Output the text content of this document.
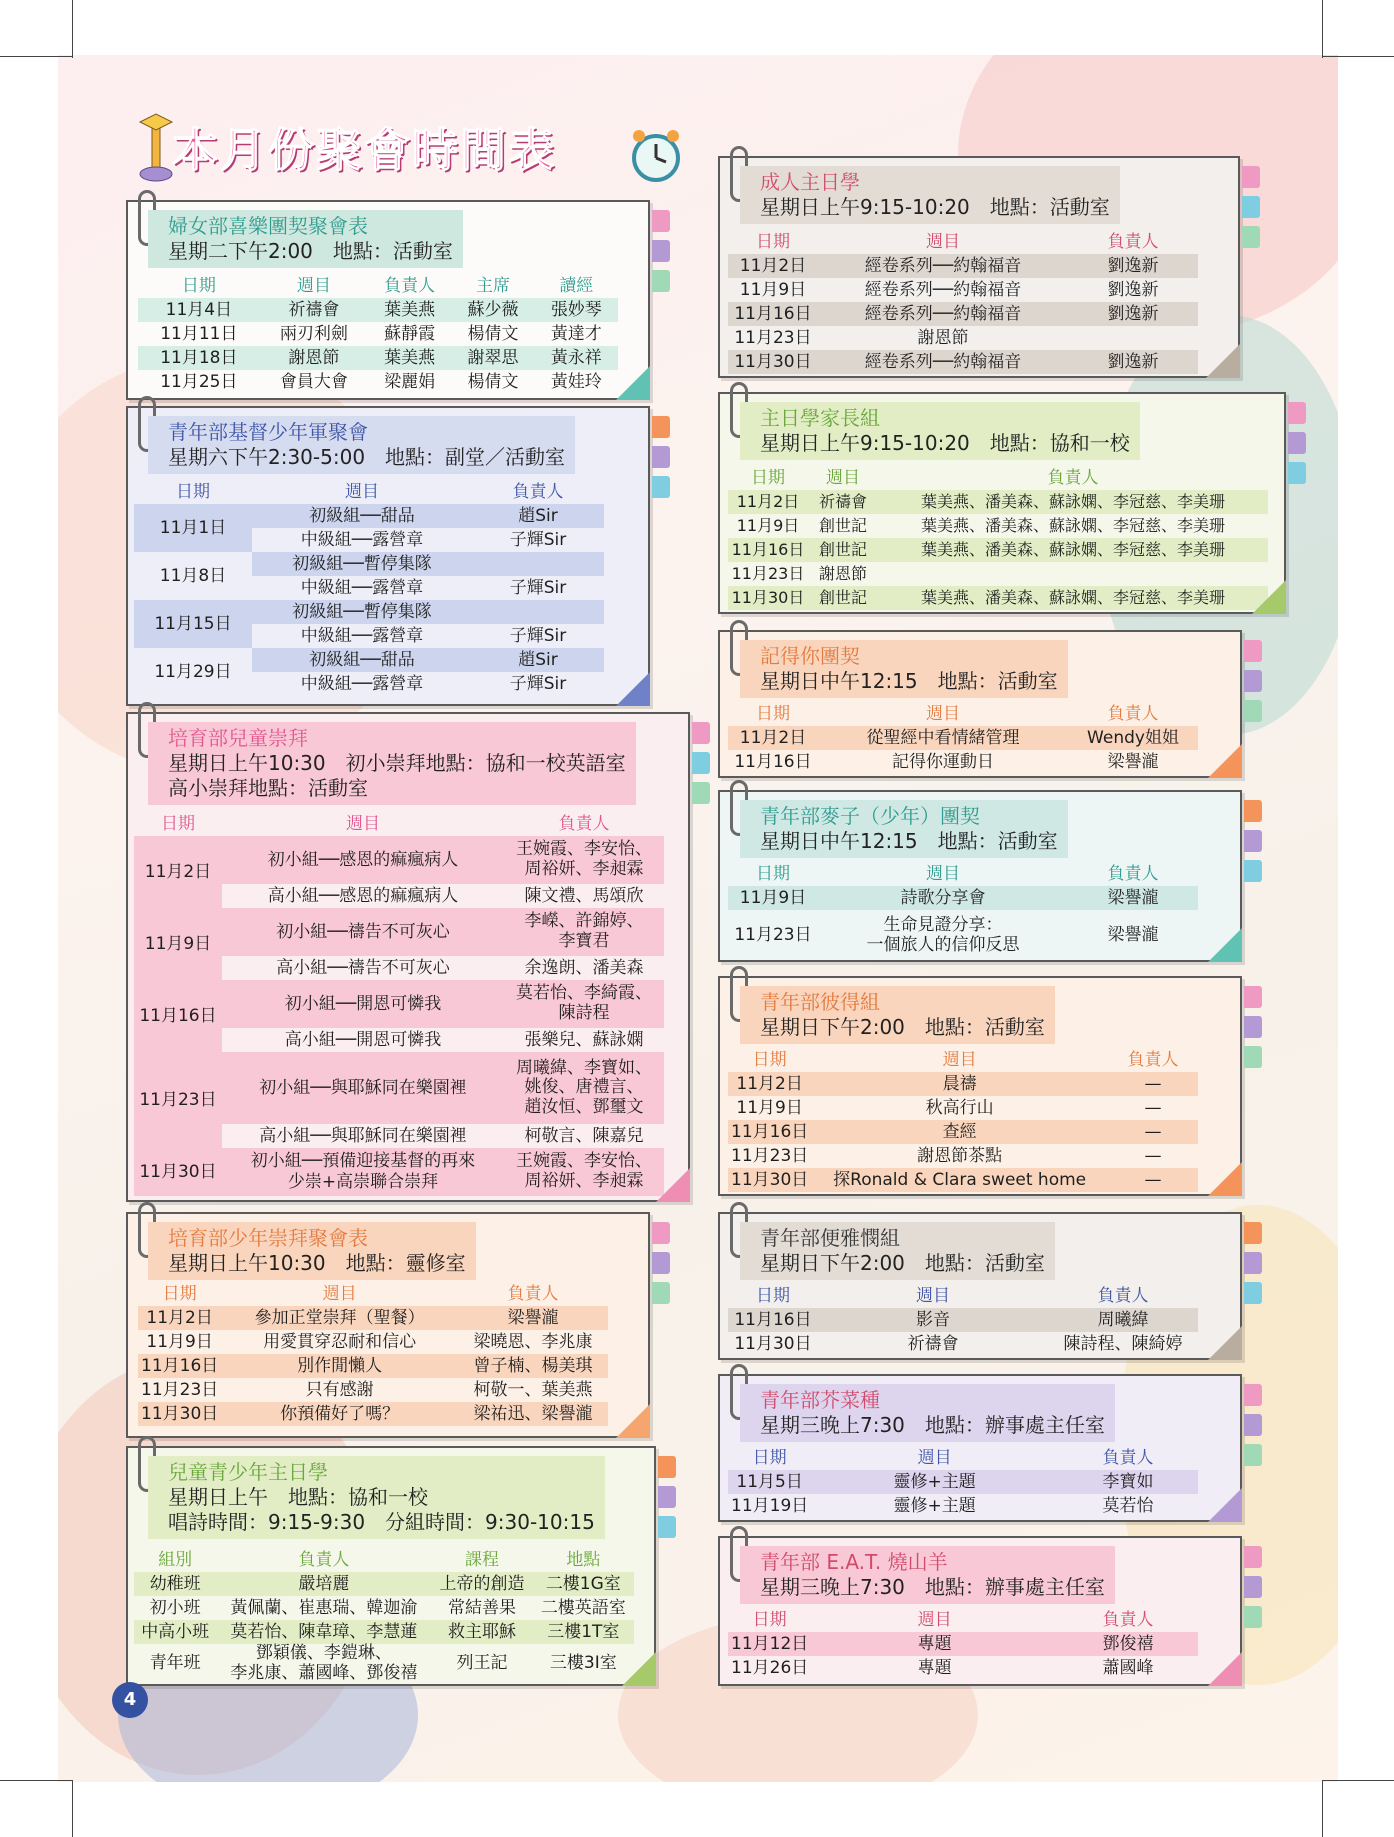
本月份聚會時間表
婦女部喜樂團契聚會表
星期二下午2:00　地點：活動室
日期	週目	負責人	主席	讀經
11月4日	祈禱會	葉美燕	蘇少薇	張妙琴
11月11日	兩刃利劍	蘇靜霞	楊倩文	黃達才
11月18日	謝恩節	葉美燕	謝翠思	黃永祥
11月25日	會員大會	梁麗娟	楊倩文	黃娃玲
青年部基督少年軍聚會
星期六下午2:30-5:00　地點：副堂／活動室
日期	週目	負責人
11月1日	初級組──甜品	趙Sir
	中級組──露營章	子輝Sir
11月8日	初級組──暫停集隊	
	中級組──露營章	子輝Sir
11月15日	初級組──暫停集隊	
	中級組──露營章	子輝Sir
11月29日	初級組──甜品	趙Sir
	中級組──露營章	子輝Sir
培育部兒童崇拜
星期日上午10:30　初小崇拜地點：協和一校英語室
高小崇拜地點：活動室
日期	週目	負責人
11月2日	初小組──感恩的痲瘋病人	王婉霞、李安怡、
周裕妍、李昶霖
	高小組──感恩的痲瘋病人	陳文禮、馬頌欣
11月9日	初小組──禱告不可灰心	李嶸、許錦婷、
李寶君
	高小組──禱告不可灰心	余逸朗、潘美森
11月16日	初小組──開恩可憐我	莫若怡、李綺霞、
陳詩程
	高小組──開恩可憐我	張樂兒、蘇詠嫻
11月23日	初小組──與耶穌同在樂園裡	周曦緯、李寶如、
姚俊、唐禮言、
趙汝恒、鄧璽文
	高小組──與耶穌同在樂園裡	柯敬言、陳嘉兒
11月30日	初小組──預備迎接基督的再來
少崇+高崇聯合崇拜	王婉霞、李安怡、
周裕妍、李昶霖
培育部少年崇拜聚會表
星期日上午10:30　地點：靈修室
日期	週目	負責人
11月2日	參加正堂崇拜（聖餐）	梁譽瀧
11月9日	用愛貫穿忍耐和信心	梁曉恩、李兆康
11月16日	別作閒懶人	曾子楠、楊美琪
11月23日	只有感謝	柯敬一、葉美燕
11月30日	你預備好了嗎？	梁祐迅、梁譽瀧
兒童青少年主日學
星期日上午　地點：協和一校
唱詩時間：9:15-9:30　分組時間：9:30-10:15
組別	負責人	課程	地點
幼稚班	嚴培麗	上帝的創造	二樓1G室
初小班	黃佩蘭、崔惠瑞、韓迦渝	常結善果	二樓英語室
中高小班	莫若怡、陳韋璋、李慧蓮	救主耶穌	三樓1T室
青年班	鄧穎儀、李鎧琳、
李兆康、蕭國峰、鄧俊禧	列王記	三樓3I室
4
成人主日學
星期日上午9:15-10:20　地點：活動室
日期	週目	負責人
11月2日	經卷系列──約翰福音	劉逸新
11月9日	經卷系列──約翰福音	劉逸新
11月16日	經卷系列──約翰福音	劉逸新
11月23日	謝恩節	
11月30日	經卷系列──約翰福音	劉逸新
主日學家長組
星期日上午9:15-10:20　地點：協和一校
日期	週目	負責人
11月2日	祈禱會	葉美燕、潘美森、蘇詠嫻、李冠慈、李美珊
11月9日	創世記	葉美燕、潘美森、蘇詠嫻、李冠慈、李美珊
11月16日	創世記	葉美燕、潘美森、蘇詠嫻、李冠慈、李美珊
11月23日	謝恩節	
11月30日	創世記	葉美燕、潘美森、蘇詠嫻、李冠慈、李美珊
記得你團契
星期日中午12:15　地點：活動室
日期	週目	負責人
11月2日	從聖經中看情緒管理	Wendy姐姐
11月16日	記得你運動日	梁譽瀧
青年部麥子（少年）團契
星期日中午12:15　地點：活動室
日期	週目	負責人
11月9日	詩歌分享會	梁譽瀧
11月23日	生命見證分享：
一個旅人的信仰反思	梁譽瀧
青年部彼得組
星期日下午2:00　地點：活動室
日期	週目	負責人
11月2日	晨禱	—
11月9日	秋高行山	—
11月16日	查經	—
11月23日	謝恩節茶點	—
11月30日	探Ronald & Clara sweet home	—
青年部便雅憫組
星期日下午2:00　地點：活動室
日期	週目	負責人
11月16日	影音	周曦緯
11月30日	祈禱會	陳詩程、陳綺婷
青年部芥菜種
星期三晚上7:30　地點：辦事處主任室
日期	週目	負責人
11月5日	靈修+主題	李寶如
11月19日	靈修+主題	莫若怡
青年部 E.A.T. 燒山羊
星期三晚上7:30　地點：辦事處主任室
日期	週目	負責人
11月12日	專題	鄧俊禧
11月26日	專題	蕭國峰
